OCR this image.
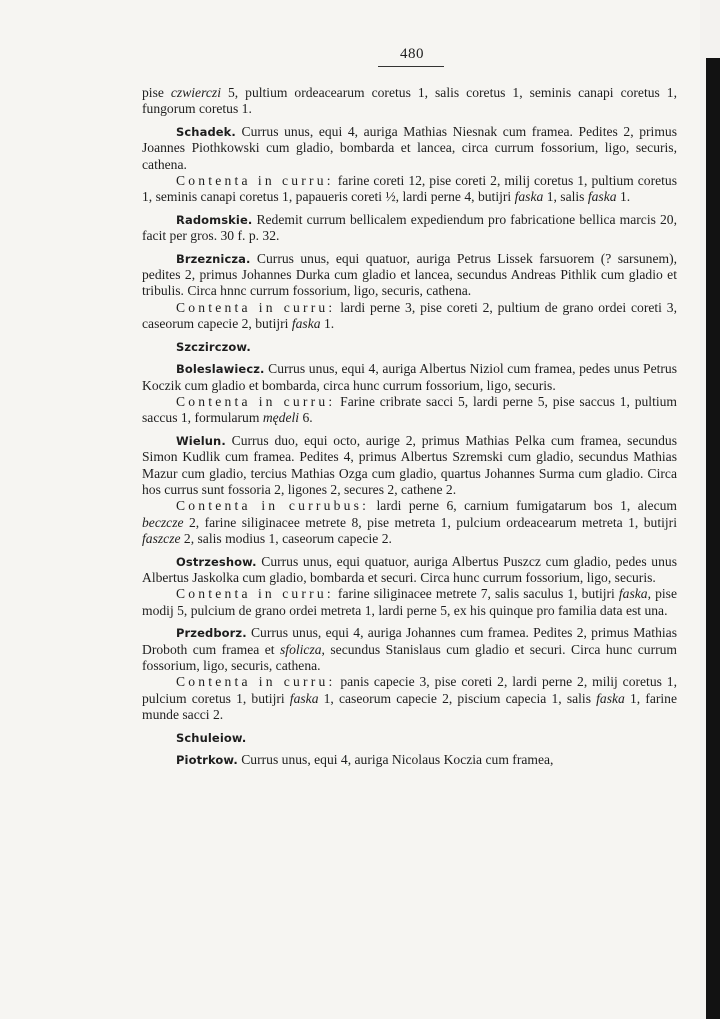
480

pise czwierczi 5, pultium ordeacearum coretus 1, salis coretus 1, seminis canapi coretus 1, fungorum coretus 1.

Schadek. Currus unus, equi 4, auriga Mathias Niesnak cum framea. Pedites 2, primus Joannes Piothkowski cum gladio, bombarda et lancea, circa currum fossorium, ligo, securis, cathena.

Contenta in curru: farine coreti 12, pise coreti 2, milij coretus 1, pultium coretus 1, seminis canapi coretus 1, papaueris coreti ½, lardi perne 4, butijri faska 1, salis faska 1.

Radomskie. Redemit currum bellicalem expediendum pro fabricatione bellica marcis 20, facit per gros. 30 f. p. 32.

Brzeznicza. Currus unus, equi quatuor, auriga Petrus Lissek farsuorem (? sarsunem), pedites 2, primus Johannes Durka cum gladio et lancea, secundus Andreas Pithlik cum gladio et tribulis. Circa hnnc currum fossorium, ligo, securis, cathena.

Contenta in curru: lardi perne 3, pise coreti 2, pultium de grano ordei coreti 3, caseorum capecie 2, butijri faska 1.

Szczirczow.

Boleslawiecz. Currus unus, equi 4, auriga Albertus Niziol cum framea, pedes unus Petrus Koczik cum gladio et bombarda, circa hunc currum fossorium, ligo, securis.

Contenta in curru: Farine cribrate sacci 5, lardi perne 5, pise saccus 1, pultium saccus 1, formularum mędeli 6.

Wielun. Currus duo, equi octo, aurige 2, primus Mathias Pelka cum framea, secundus Simon Kudlik cum framea. Pedites 4, primus Albertus Szremski cum gladio, secundus Mathias Mazur cum gladio, tercius Mathias Ozga cum gladio, quartus Johannes Surma cum gladio. Circa hos currus sunt fossoria 2, ligones 2, secures 2, cathene 2.

Contenta in currubus: lardi perne 6, carnium fumigatarum bos 1, alecum beczcze 2, farine siliginacee metrete 8, pise metreta 1, pulcium ordeacearum metreta 1, butijri faszcze 2, salis modius 1, caseorum capecie 2.

Ostrzeshow. Currus unus, equi quatuor, auriga Albertus Puszcz cum gladio, pedes unus Albertus Jaskolka cum gladio, bombarda et securi. Circa hunc currum fossorium, ligo, securis.

Contenta in curru: farine siliginacee metrete 7, salis saculus 1, butijri faska, pise modij 5, pulcium de grano ordei metreta 1, lardi perne 5, ex his quinque pro familia data est una.

Przedborz. Currus unus, equi 4, auriga Johannes cum framea. Pedites 2, primus Mathias Droboth cum framea et sfolicza, secundus Stanislaus cum gladio et securi. Circa hunc currum fossorium, ligo, securis, cathena.

Contenta in curru: panis capecie 3, pise coreti 2, lardi perne 2, milij coretus 1, pulcium coretus 1, butijri faska 1, caseorum capecie 2, piscium capecia 1, salis faska 1, farine munde sacci 2.

Schuleiow.

Piotrkow. Currus unus, equi 4, auriga Nicolaus Koczia cum framea,
